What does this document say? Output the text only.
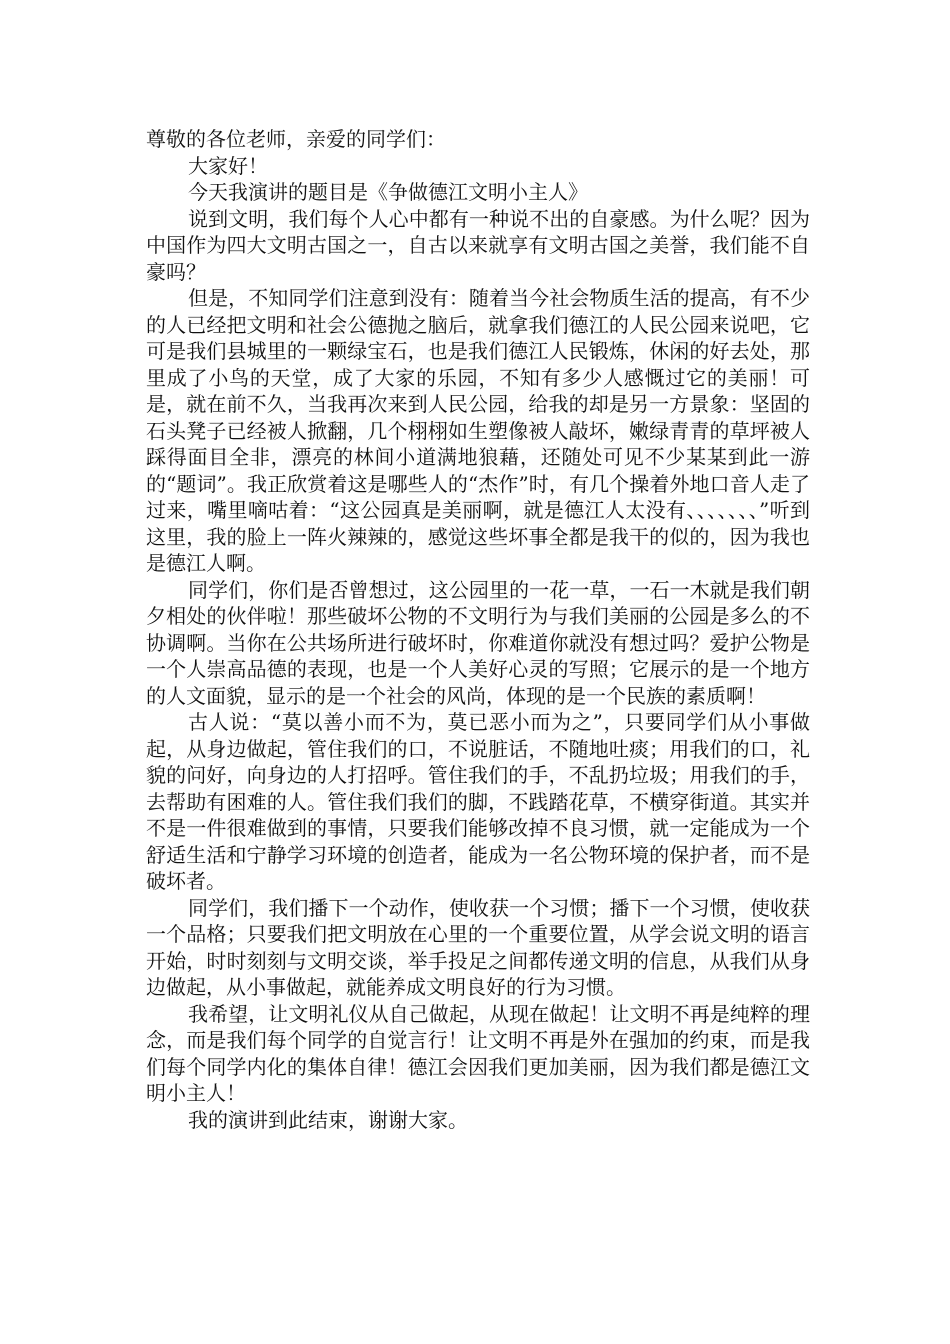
尊敬的各位老师，亲爱的同学们：

大家好！

今天我演讲的题目是《争做德江文明小主人》

说到文明，我们每个人心中都有一种说不出的自豪感。为什么呢？因为中国作为四大文明古国之一，自古以来就享有文明古国之美誉，我们能不自豪吗？

但是，不知同学们注意到没有：随着当今社会物质生活的提高，有不少的人已经把文明和社会公德抛之脑后，就拿我们德江的人民公园来说吧，它可是我们县城里的一颗绿宝石，也是我们德江人民锻炼，休闲的好去处，那里成了小鸟的天堂，成了大家的乐园，不知有多少人感慨过它的美丽！可是，就在前不久，当我再次来到人民公园，给我的却是另一方景象：坚固的石头凳子已经被人掀翻，几个栩栩如生塑像被人敲坏，嫩绿青青的草坪被人踩得面目全非，漂亮的林间小道满地狼藉，还随处可见不少某某到此一游的“题词”。我正欣赏着这是哪些人的“杰作”时，有几个操着外地口音人走了过来，嘴里嘀咕着：“这公园真是美丽啊，就是德江人太没有、、、、、、、”听到这里，我的脸上一阵火辣辣的，感觉这些坏事全都是我干的似的，因为我也是德江人啊。

同学们，你们是否曾想过，这公园里的一花一草，一石一木就是我们朝夕相处的伙伴啦！那些破坏公物的不文明行为与我们美丽的公园是多么的不协调啊。当你在公共场所进行破坏时，你难道你就没有想过吗？爱护公物是一个人崇高品德的表现，也是一个人美好心灵的写照；它展示的是一个地方的人文面貌，显示的是一个社会的风尚，体现的是一个民族的素质啊！

古人说：“莫以善小而不为，莫已恶小而为之”，只要同学们从小事做起，从身边做起，管住我们的口，不说脏话，不随地吐痰；用我们的口，礼貌的问好，向身边的人打招呼。管住我们的手，不乱扔垃圾；用我们的手，去帮助有困难的人。管住我们我们的脚，不践踏花草，不横穿街道。其实并不是一件很难做到的事情，只要我们能够改掉不良习惯，就一定能成为一个舒适生活和宁静学习环境的创造者，能成为一名公物环境的保护者，而不是破坏者。

同学们，我们播下一个动作，使收获一个习惯；播下一个习惯，使收获一个品格；只要我们把文明放在心里的一个重要位置，从学会说文明的语言开始，时时刻刻与文明交谈，举手投足之间都传递文明的信息，从我们从身边做起，从小事做起，就能养成文明良好的行为习惯。

我希望，让文明礼仪从自己做起，从现在做起！让文明不再是纯粹的理念，而是我们每个同学的自觉言行！让文明不再是外在强加的约束，而是我们每个同学内化的集体自律！德江会因我们更加美丽，因为我们都是德江文明小主人！

我的演讲到此结束，谢谢大家。
